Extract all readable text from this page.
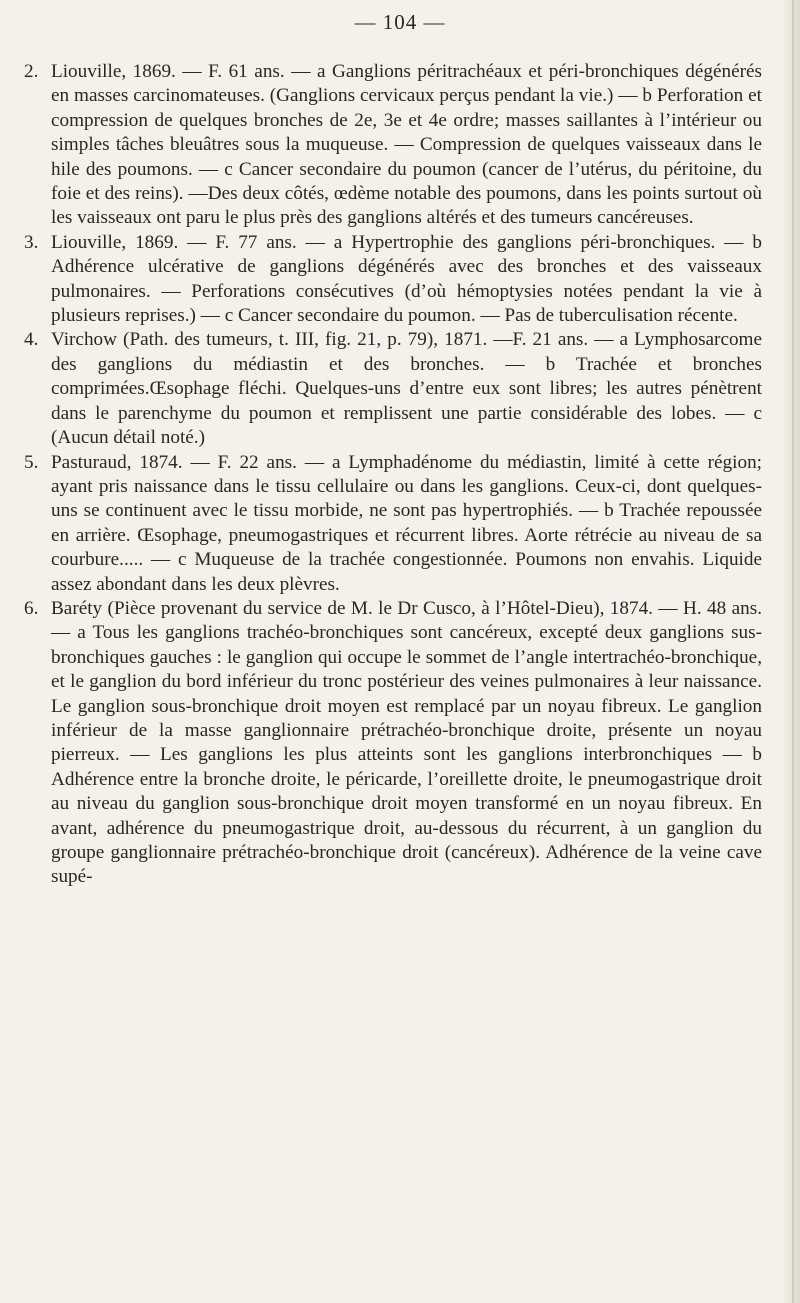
— 104 —

2. Liouville, 1869. — F. 61 ans. — a Ganglions péritrachéaux et péri-bronchiques dégénérés en masses carcinomateuses. (Ganglions cervicaux perçus pendant la vie.) — b Perforation et compression de quelques bronches de 2e, 3e et 4e ordre; masses saillantes à l’intérieur ou simples tâches bleuâtres sous la muqueuse. — Compression de quelques vaisseaux dans le hile des poumons. — c Cancer secondaire du poumon (cancer de l’utérus, du péritoine, du foie et des reins). —Des deux côtés, œdème notable des poumons, dans les points surtout où les vaisseaux ont paru le plus près des ganglions altérés et des tumeurs cancéreuses.

3. Liouville, 1869. — F. 77 ans. — a Hypertrophie des ganglions péri-bronchiques. — b Adhérence ulcérative de ganglions dégénérés avec des bronches et des vaisseaux pulmonaires. — Perforations consécutives (d’où hémoptysies notées pendant la vie à plusieurs reprises.) — c Cancer secondaire du poumon. — Pas de tuberculisation récente.

4. Virchow (Path. des tumeurs, t. III, fig. 21, p. 79), 1871. —F. 21 ans. — a Lymphosarcome des ganglions du médiastin et des bronches. — b Trachée et bronches comprimées.Œsophage fléchi. Quelques-uns d’entre eux sont libres; les autres pénètrent dans le parenchyme du poumon et remplissent une partie considérable des lobes. — c (Aucun détail noté.)

5. Pasturaud, 1874. — F. 22 ans. — a Lymphadénome du médiastin, limité à cette région; ayant pris naissance dans le tissu cellulaire ou dans les ganglions. Ceux-ci, dont quelques-uns se continuent avec le tissu morbide, ne sont pas hypertrophiés. — b Trachée repoussée en arrière. Œsophage, pneumogastriques et récurrent libres. Aorte rétrécie au niveau de sa courbure..... — c Muqueuse de la trachée congestionnée. Poumons non envahis. Liquide assez abondant dans les deux plèvres.

6. Baréty (Pièce provenant du service de M. le Dr Cusco, à l’Hôtel-Dieu), 1874. — H. 48 ans. — a Tous les ganglions trachéo-bronchiques sont cancéreux, excepté deux ganglions sus-bronchiques gauches : le ganglion qui occupe le sommet de l’angle intertrachéo-bronchique, et le ganglion du bord inférieur du tronc postérieur des veines pulmonaires à leur naissance. Le ganglion sous-bronchique droit moyen est remplacé par un noyau fibreux. Le ganglion inférieur de la masse ganglionnaire prétrachéo-bronchique droite, présente un noyau pierreux. — Les ganglions les plus atteints sont les ganglions interbronchiques — b Adhérence entre la bronche droite, le péricarde, l’oreillette droite, le pneumogastrique droit au niveau du ganglion sous-bronchique droit moyen transformé en un noyau fibreux. En avant, adhérence du pneumogastrique droit, au-dessous du récurrent, à un ganglion du groupe ganglionnaire prétrachéo-bronchique droit (cancéreux). Adhérence de la veine cave supé-
